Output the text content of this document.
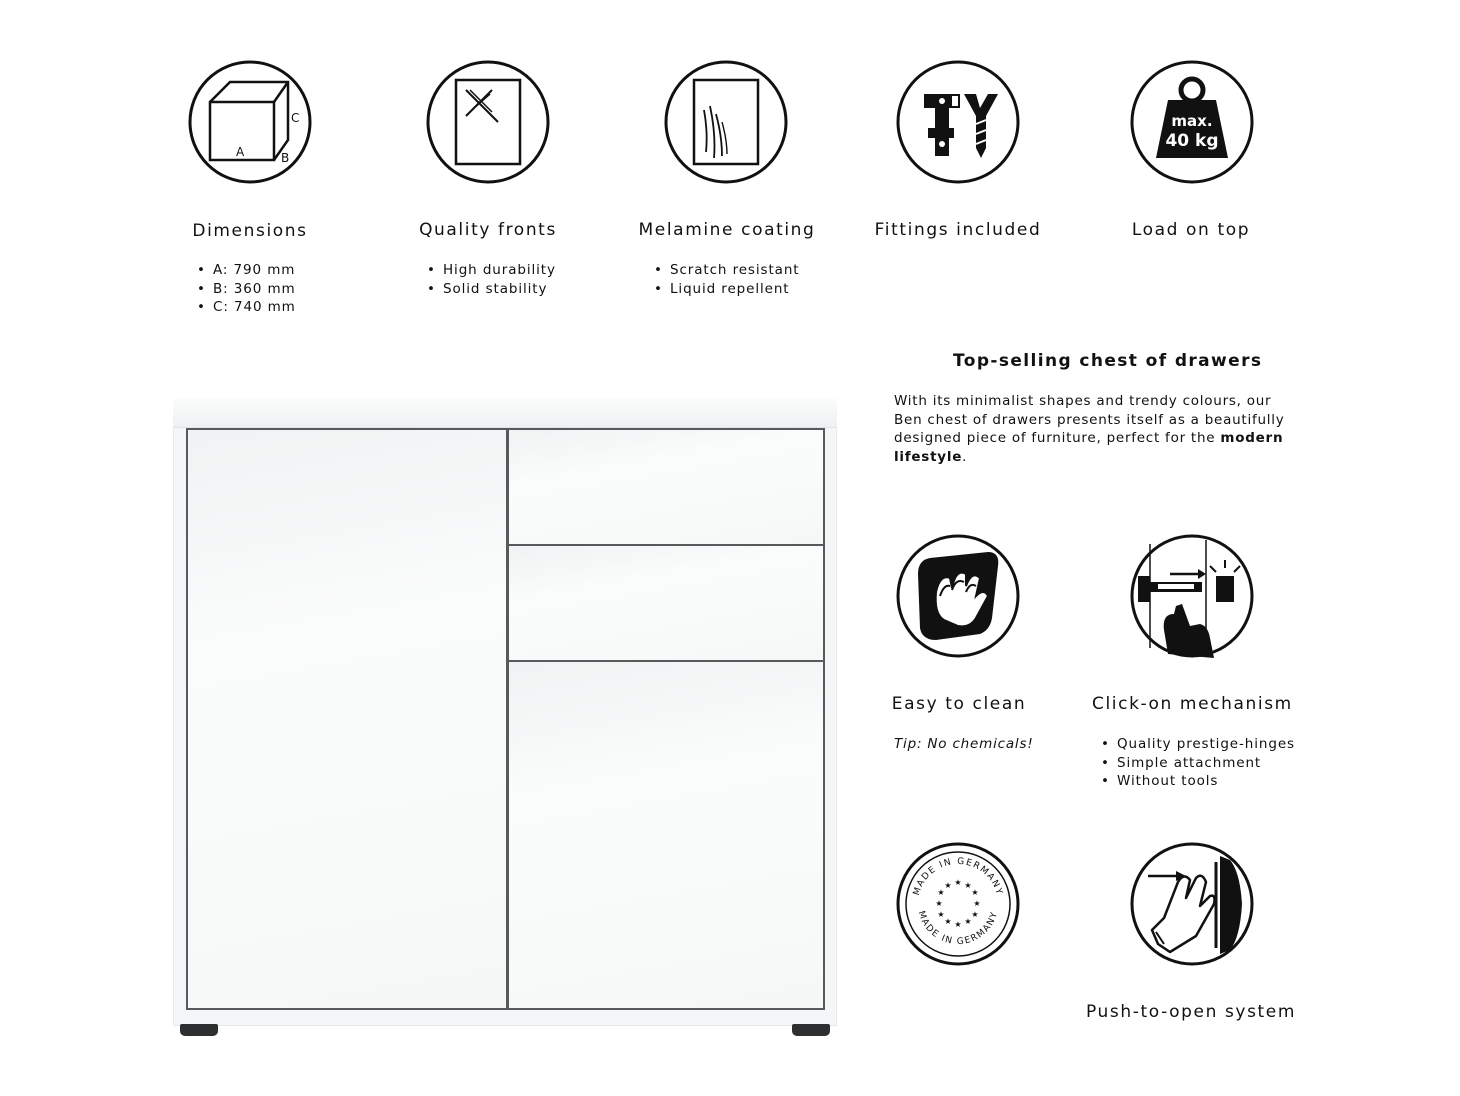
A	B
C	max.
40 kg
Dimensions	Quality fronts	Melamine coating	Fittings included	Load on top
• A: 790 mm
• B: 360 mm
• C: 740 mm
• High durability
• Solid stability
• Scratch resistant
• Liquid repellent
Top-selling chest of drawers
With its minimalist shapes and trendy colours, our Ben chest of drawers presents itself as a beautifully designed piece of furniture, perfect for the modern lifestyle.
MADE IN GERMANY
MADE IN GERMANY
★ ★
★
★
★
★
★
★
★
★
★
★
Easy to clean
Tip: No chemicals!
Click-on mechanism
• Quality prestige-hinges
• Simple attachment
• Without tools
Push-to-open system
